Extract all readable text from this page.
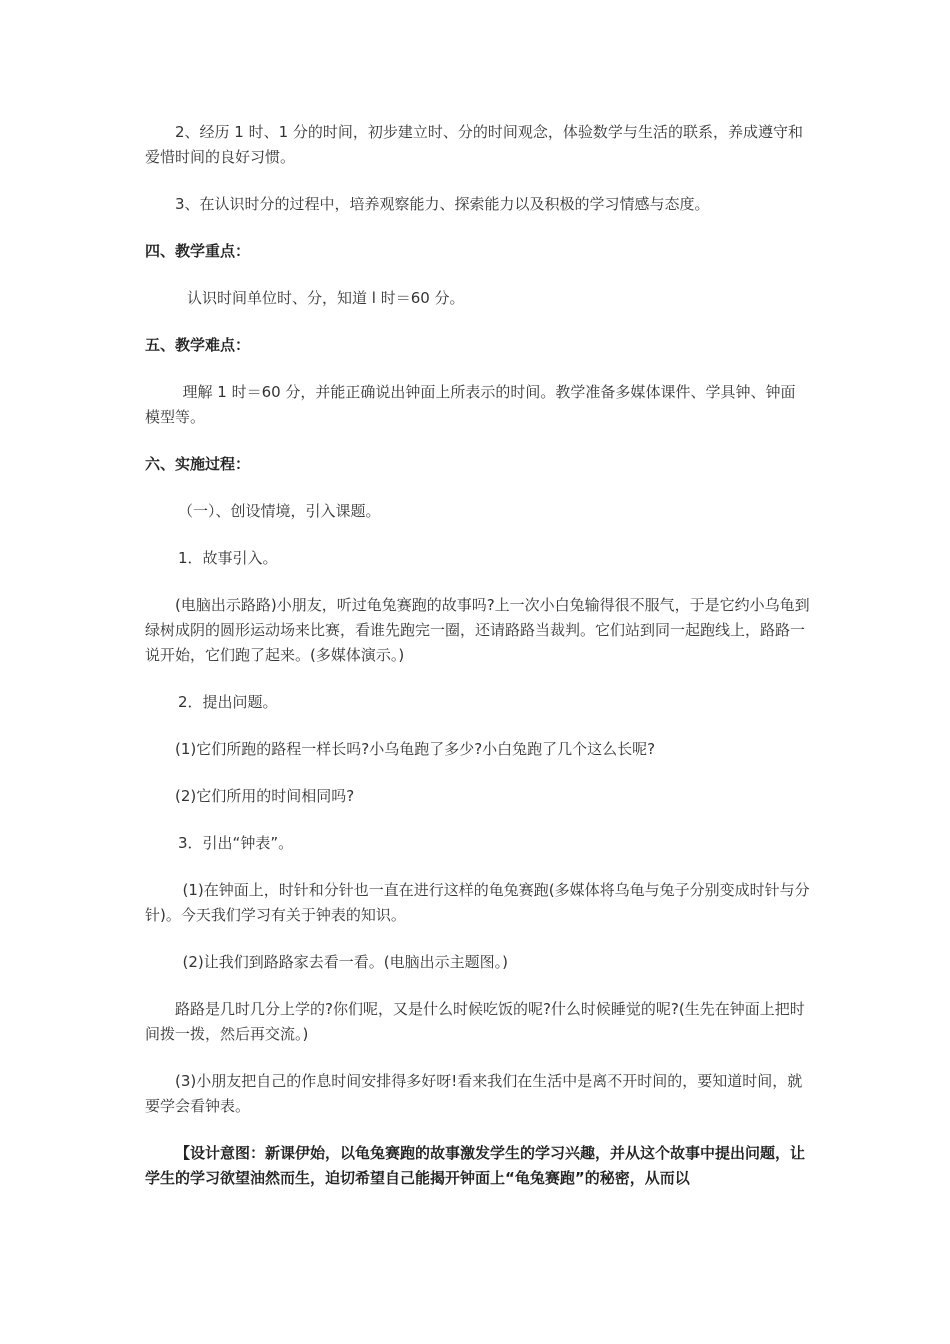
2、经历 1 时、1 分的时间，初步建立时、分的时间观念，体验数学与生活的联系，养成遵守和爱惜时间的良好习惯。

3、在认识时分的过程中，培养观察能力、探索能力以及积极的学习情感与态度。

四、教学重点：

认识时间单位时、分，知道 l 时＝60 分。

五、教学难点：

理解 1 时＝60 分，并能正确说出钟面上所表示的时间。教学准备多媒体课件、学具钟、钟面模型等。

六、实施过程：

（一）、创设情境，引入课题。

1．故事引入。

(电脑出示路路)小朋友，听过龟兔赛跑的故事吗?上一次小白兔输得很不服气，于是它约小乌龟到绿树成阴的圆形运动场来比赛，看谁先跑完一圈，还请路路当裁判。它们站到同一起跑线上，路路一说开始，它们跑了起来。(多媒体演示。)

2．提出问题。

(1)它们所跑的路程一样长吗?小乌龟跑了多少?小白兔跑了几个这么长呢?

(2)它们所用的时间相同吗?

3．引出“钟表”。

(1)在钟面上，时针和分针也一直在进行这样的龟兔赛跑(多媒体将乌龟与兔子分别变成时针与分针)。今天我们学习有关于钟表的知识。

(2)让我们到路路家去看一看。(电脑出示主题图。)

路路是几时几分上学的?你们呢，又是什么时候吃饭的呢?什么时候睡觉的呢?(生先在钟面上把时间拨一拨，然后再交流。)

(3)小朋友把自己的作息时间安排得多好呀!看来我们在生活中是离不开时间的，要知道时间，就要学会看钟表。

【设计意图：新课伊始，以龟兔赛跑的故事激发学生的学习兴趣，并从这个故事中提出问题，让学生的学习欲望油然而生，迫切希望自己能揭开钟面上“龟兔赛跑”的秘密，从而以
